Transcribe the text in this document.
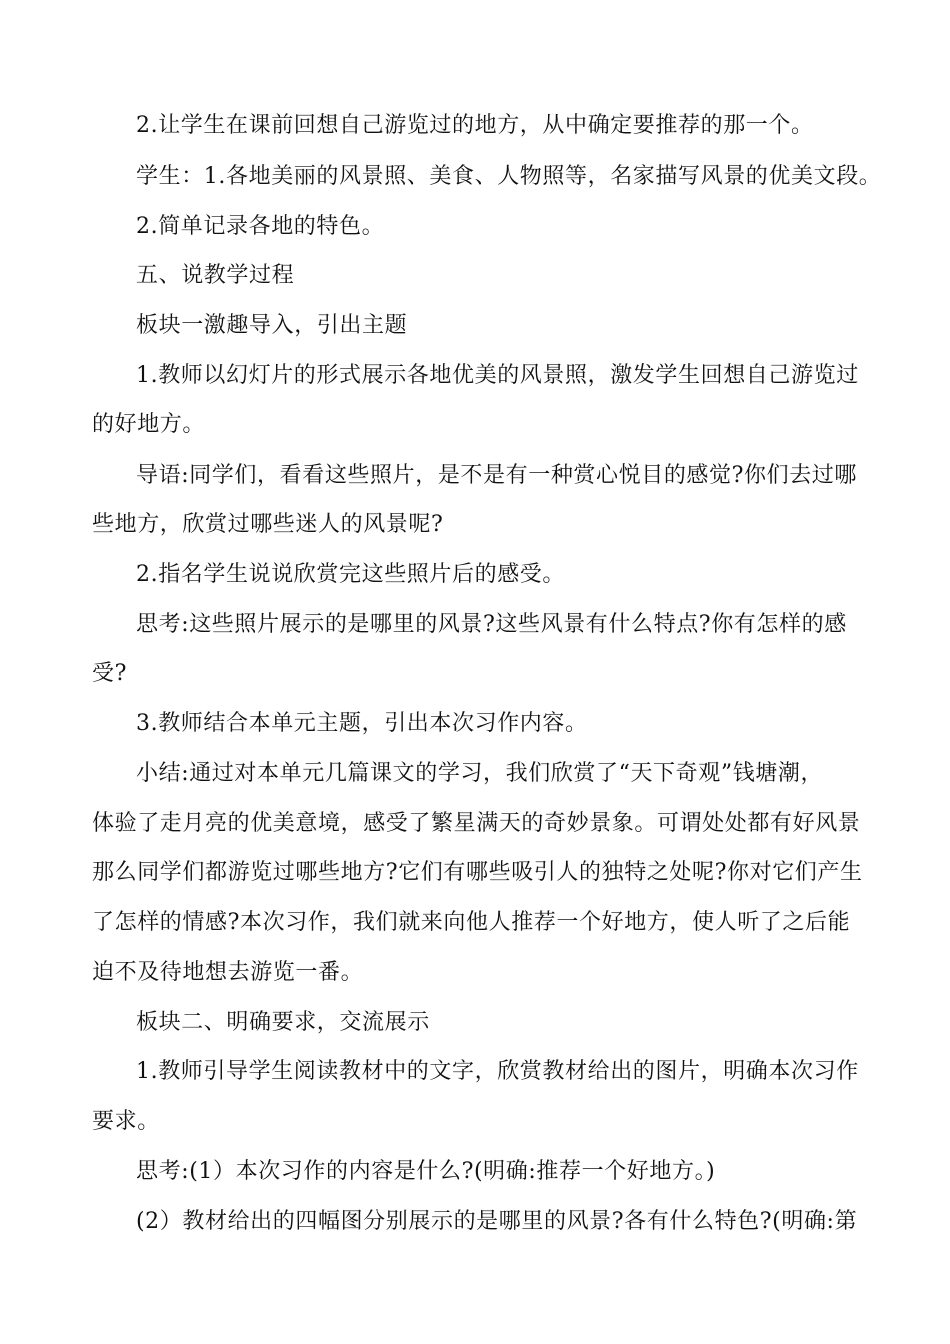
2.让学生在课前回想自己游览过的地方，从中确定要推荐的那一个。
学生：1.各地美丽的风景照、美食、人物照等，名家描写风景的优美文段。
2.简单记录各地的特色。
五、说教学过程
板块一激趣导入，引出主题
1.教师以幻灯片的形式展示各地优美的风景照，激发学生回想自己游览过
的好地方。
导语:同学们，看看这些照片，是不是有一种赏心悦目的感觉?你们去过哪
些地方，欣赏过哪些迷人的风景呢?
2.指名学生说说欣赏完这些照片后的感受。
思考:这些照片展示的是哪里的风景?这些风景有什么特点?你有怎样的感
受?
3.教师结合本单元主题，引出本次习作内容。
小结:通过对本单元几篇课文的学习，我们欣赏了“天下奇观”钱塘潮，
体验了走月亮的优美意境，感受了繁星满天的奇妙景象。可谓处处都有好风景
那么同学们都游览过哪些地方?它们有哪些吸引人的独特之处呢?你对它们产生
了怎样的情感?本次习作，我们就来向他人推荐一个好地方，使人听了之后能
迫不及待地想去游览一番。
板块二、明确要求，交流展示
1.教师引导学生阅读教材中的文字，欣赏教材给出的图片，明确本次习作
要求。
思考:(1）本次习作的内容是什么?(明确:推荐一个好地方。)
(2）教材给出的四幅图分别展示的是哪里的风景?各有什么特色?(明确:第
